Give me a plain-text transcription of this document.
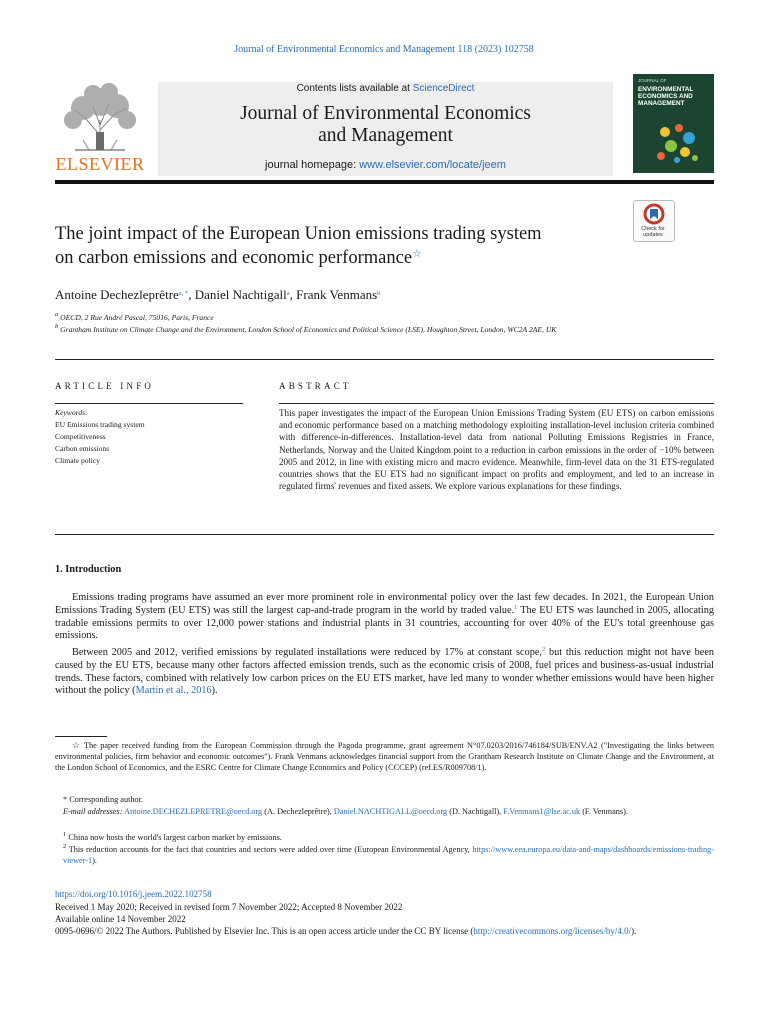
Journal of Environmental Economics and Management 118 (2023) 102758
ELSEVIER
Contents lists available at ScienceDirect
Journal of Environmental Economics
and Management
journal homepage: www.elsevier.com/locate/jeem
JOURNAL OF
ENVIRONMENTAL ECONOMICS AND MANAGEMENT
Check for
updates
The joint impact of the European Union emissions trading system
on carbon emissions and economic performance☆
Antoine Dechezleprêtre$^{a, *}$, Daniel Nachtigall$^a$, Frank Venmans$^b$
$^a$ OECD, 2 Rue André Pascal, 75016, Paris, France
$^b$ Grantham Institute on Climate Change and the Environment, London School of Economics and Political Science (LSE), Houghton Street, London, WC2A 2AE, UK
ARTICLE INFO
Keywords:
EU Emissions trading system
Competitiveness
Carbon emissions
Climate policy
ABSTRACT
This paper investigates the impact of the European Union Emissions Trading System (EU ETS) on carbon emissions and economic performance based on a matching methodology exploiting installation-level inclusion criteria combined with difference-in-differences. Installation-level data from national Polluting Emissions Registries in France, Netherlands, Norway and the United Kingdom point to a reduction in carbon emissions in the order of −10% between 2005 and 2012, in line with existing micro and macro evidence. Meanwhile, firm-level data on the 31 ETS-regulated countries shows that the EU ETS had no significant impact on profits and employment, and led to an increase in regulated firms' revenues and fixed assets. We explore various explanations for these findings.
1. Introduction
Emissions trading programs have assumed an ever more prominent role in environmental policy over the last few decades. In 2021, the European Union Emissions Trading System (EU ETS) was still the largest cap-and-trade program in the world by traded value.$^1$ The EU ETS was launched in 2005, allocating tradable emissions permits to over 12,000 power stations and industrial plants in 31 countries, accounting for over 40% of the EU's total greenhouse gas emissions.
Between 2005 and 2012, verified emissions by regulated installations were reduced by 17% at constant scope,$^2$ but this reduction might not have been caused by the EU ETS, because many other factors affected emission trends, such as the economic crisis of 2008, fuel prices and business-as-usual industrial trends. These factors, combined with relatively low carbon prices on the EU ETS market, have led many to wonder whether emissions would have been higher without the policy (Martin et al., 2016).
☆ The paper received funding from the European Commission through the Pagoda programme, grant agreement N°07.0203/2016/746184/SUB/ENV.A2 ("Investigating the links between environmental policies, firm behavior and economic outcomes"). Frank Venmans acknowledges financial support from the Grantham Research Institute on Climate Change and the Environment, at the London School of Economics, and the ESRC Centre for Climate Change Economics and Policy (CCCEP) (ref.ES/R009708/1).
* Corresponding author.
E-mail addresses: Antoine.DECHEZLEPRETRE@oecd.org (A. Dechezleprêtre), Daniel.NACHTIGALL@oecd.org (D. Nachtigall), F.Venmans1@lse.ac.uk (F. Venmans).
$^1$ China now hosts the world's largest carbon market by emissions.
$^2$ This reduction accounts for the fact that countries and sectors were added over time (European Environmental Agency, https://www.eea.europa.eu/data-and-maps/dashboards/emissions-trading-viewer-1).
https://doi.org/10.1016/j.jeem.2022.102758
Received 1 May 2020; Received in revised form 7 November 2022; Accepted 8 November 2022
Available online 14 November 2022
0095-0696/© 2022 The Authors. Published by Elsevier Inc. This is an open access article under the CC BY license (http://creativecommons.org/licenses/by/4.0/).
